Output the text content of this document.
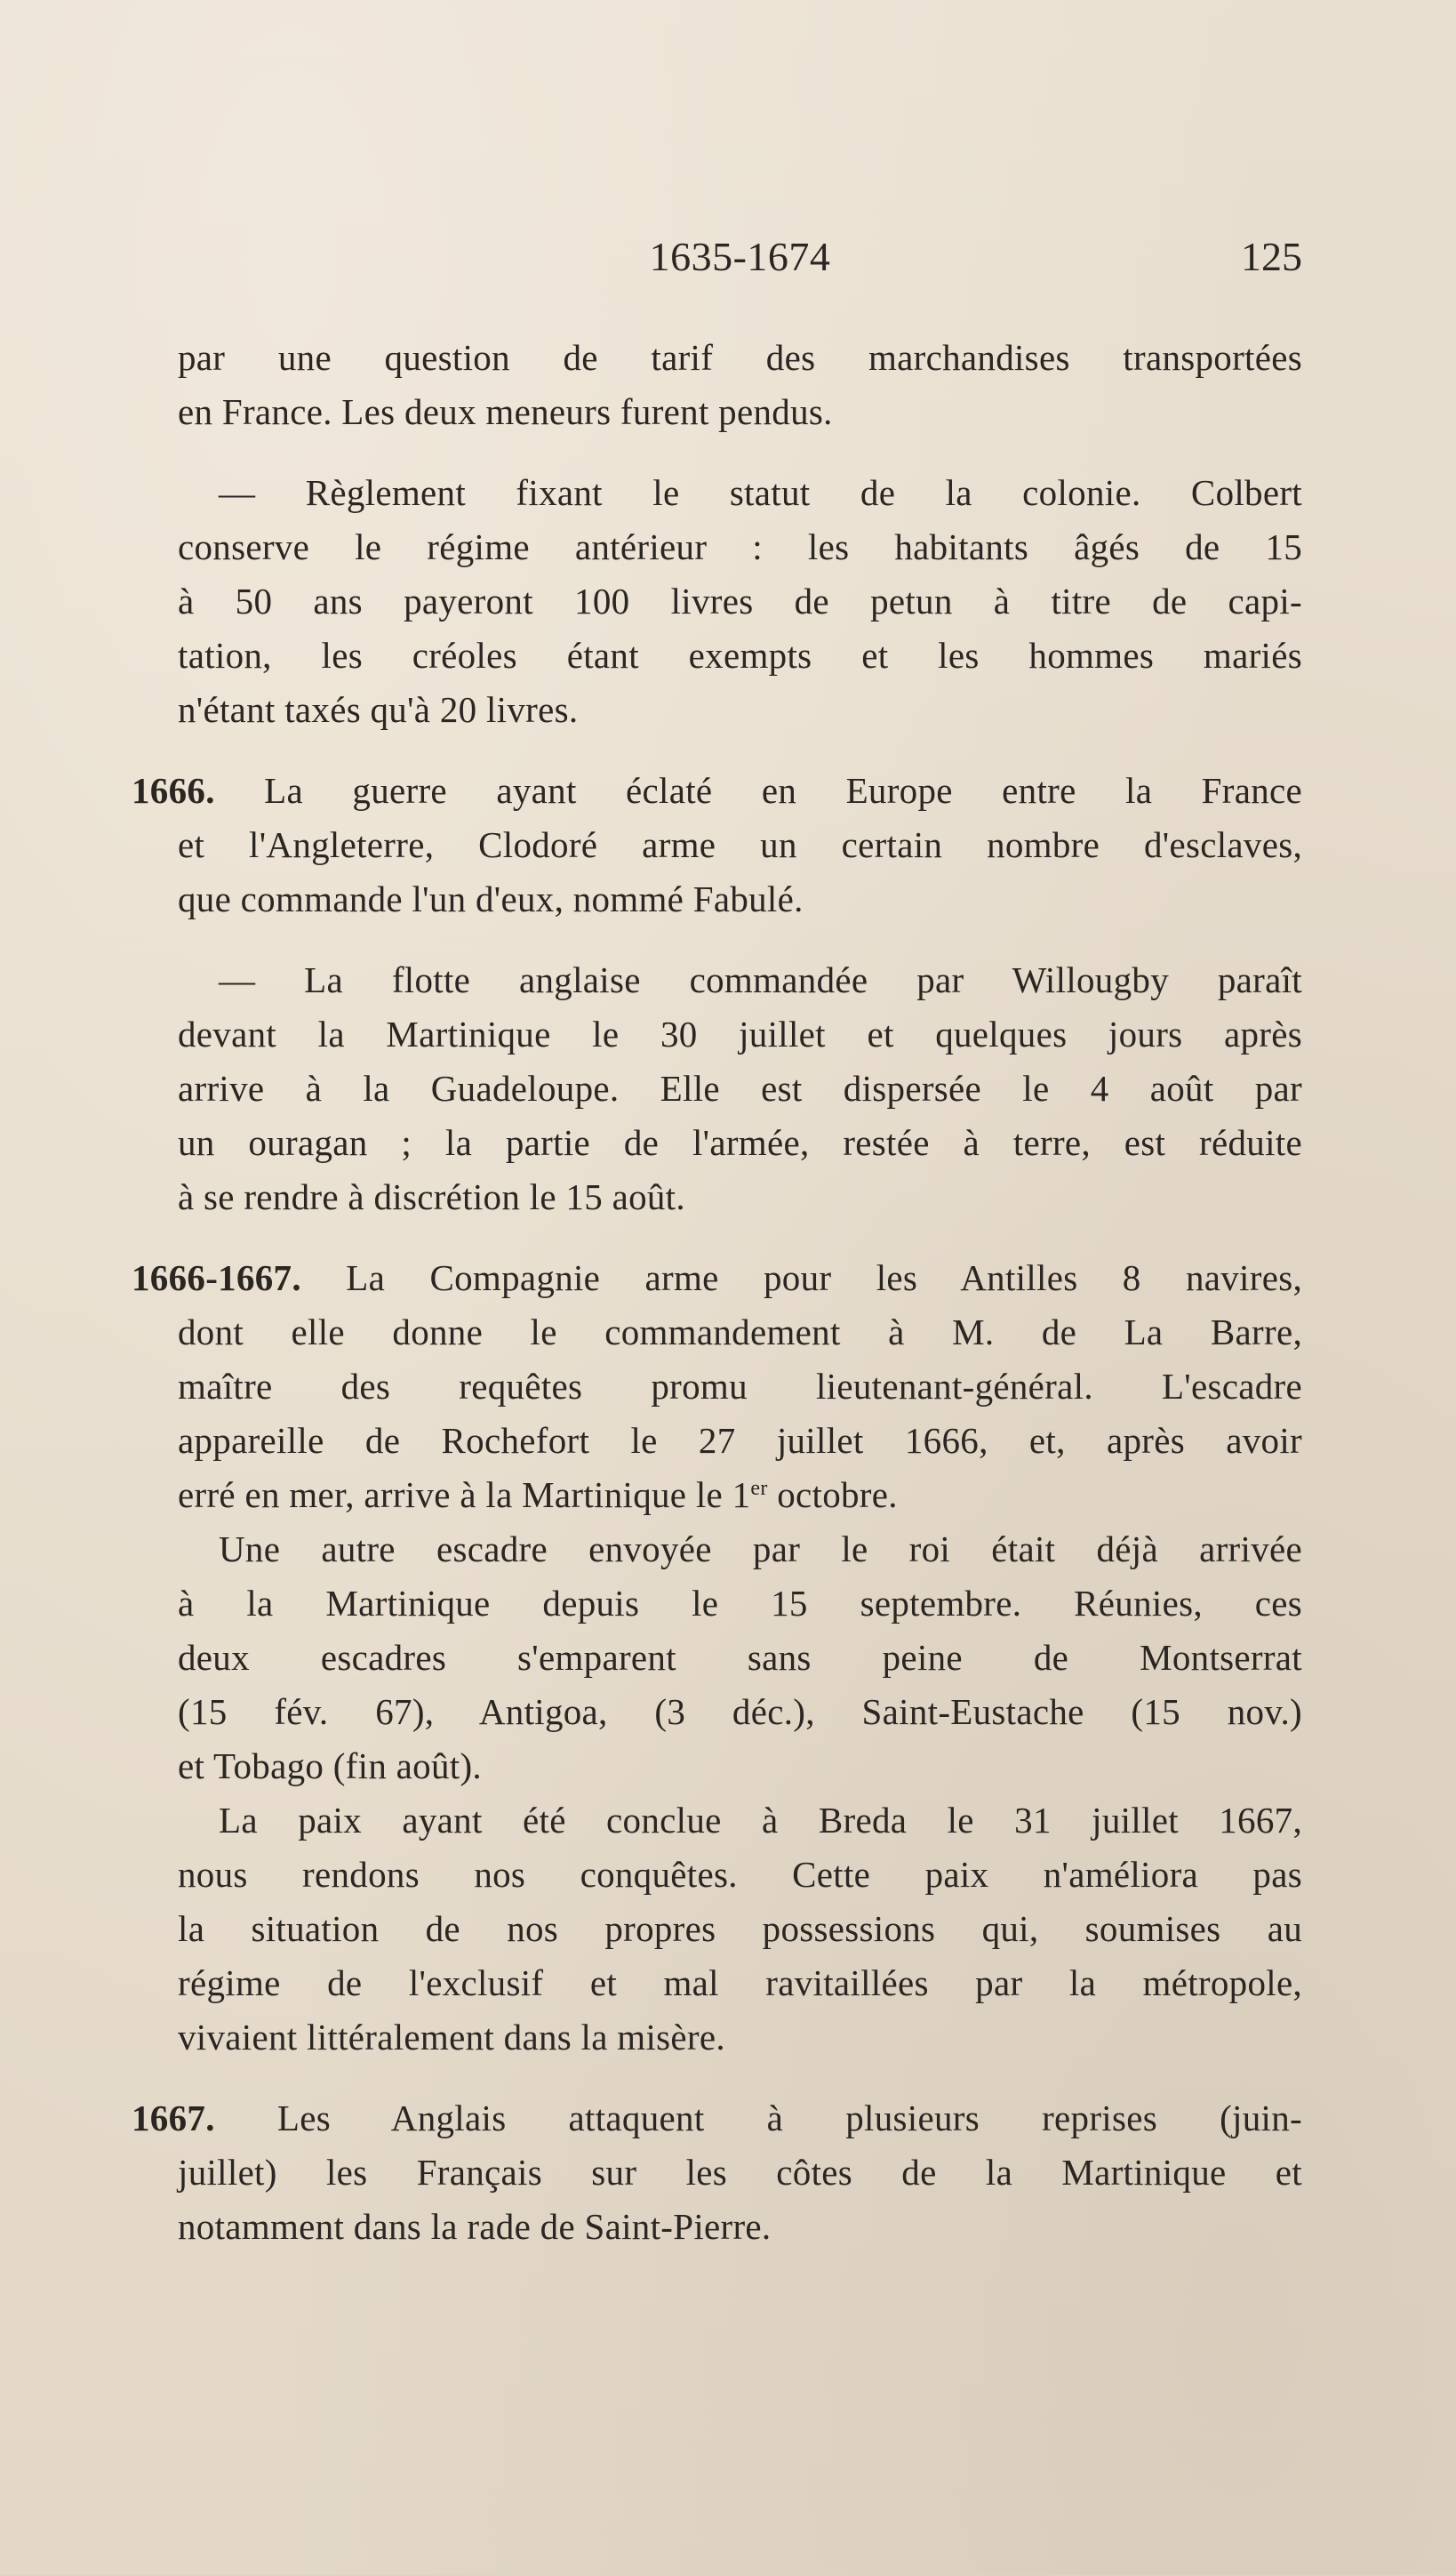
1635-1674	125
par une question de tarif des marchandises transportées
en France. Les deux meneurs furent pendus.
— Règlement fixant le statut de la colonie. Colbert
conserve le régime antérieur : les habitants âgés de 15
à 50 ans payeront 100 livres de petun à titre de capi-
tation, les créoles étant exempts et les hommes mariés
n'étant taxés qu'à 20 livres.
1666. La guerre ayant éclaté en Europe entre la France
et l'Angleterre, Clodoré arme un certain nombre d'esclaves,
que commande l'un d'eux, nommé Fabulé.
— La flotte anglaise commandée par Willougby paraît
devant la Martinique le 30 juillet et quelques jours après
arrive à la Guadeloupe. Elle est dispersée le 4 août par
un ouragan ; la partie de l'armée, restée à terre, est réduite
à se rendre à discrétion le 15 août.
1666-1667. La Compagnie arme pour les Antilles 8 navires,
dont elle donne le commandement à M. de La Barre,
maître des requêtes promu lieutenant-général. L'escadre
appareille de Rochefort le 27 juillet 1666, et, après avoir
erré en mer, arrive à la Martinique le 1er octobre.
Une autre escadre envoyée par le roi était déjà arrivée
à la Martinique depuis le 15 septembre. Réunies, ces
deux escadres s'emparent sans peine de Montserrat
(15 fév. 67), Antigoa, (3 déc.), Saint-Eustache (15 nov.)
et Tobago (fin août).
La paix ayant été conclue à Breda le 31 juillet 1667,
nous rendons nos conquêtes. Cette paix n'améliora pas
la situation de nos propres possessions qui, soumises au
régime de l'exclusif et mal ravitaillées par la métropole,
vivaient littéralement dans la misère.
1667. Les Anglais attaquent à plusieurs reprises (juin-
juillet) les Français sur les côtes de la Martinique et
notamment dans la rade de Saint-Pierre.
